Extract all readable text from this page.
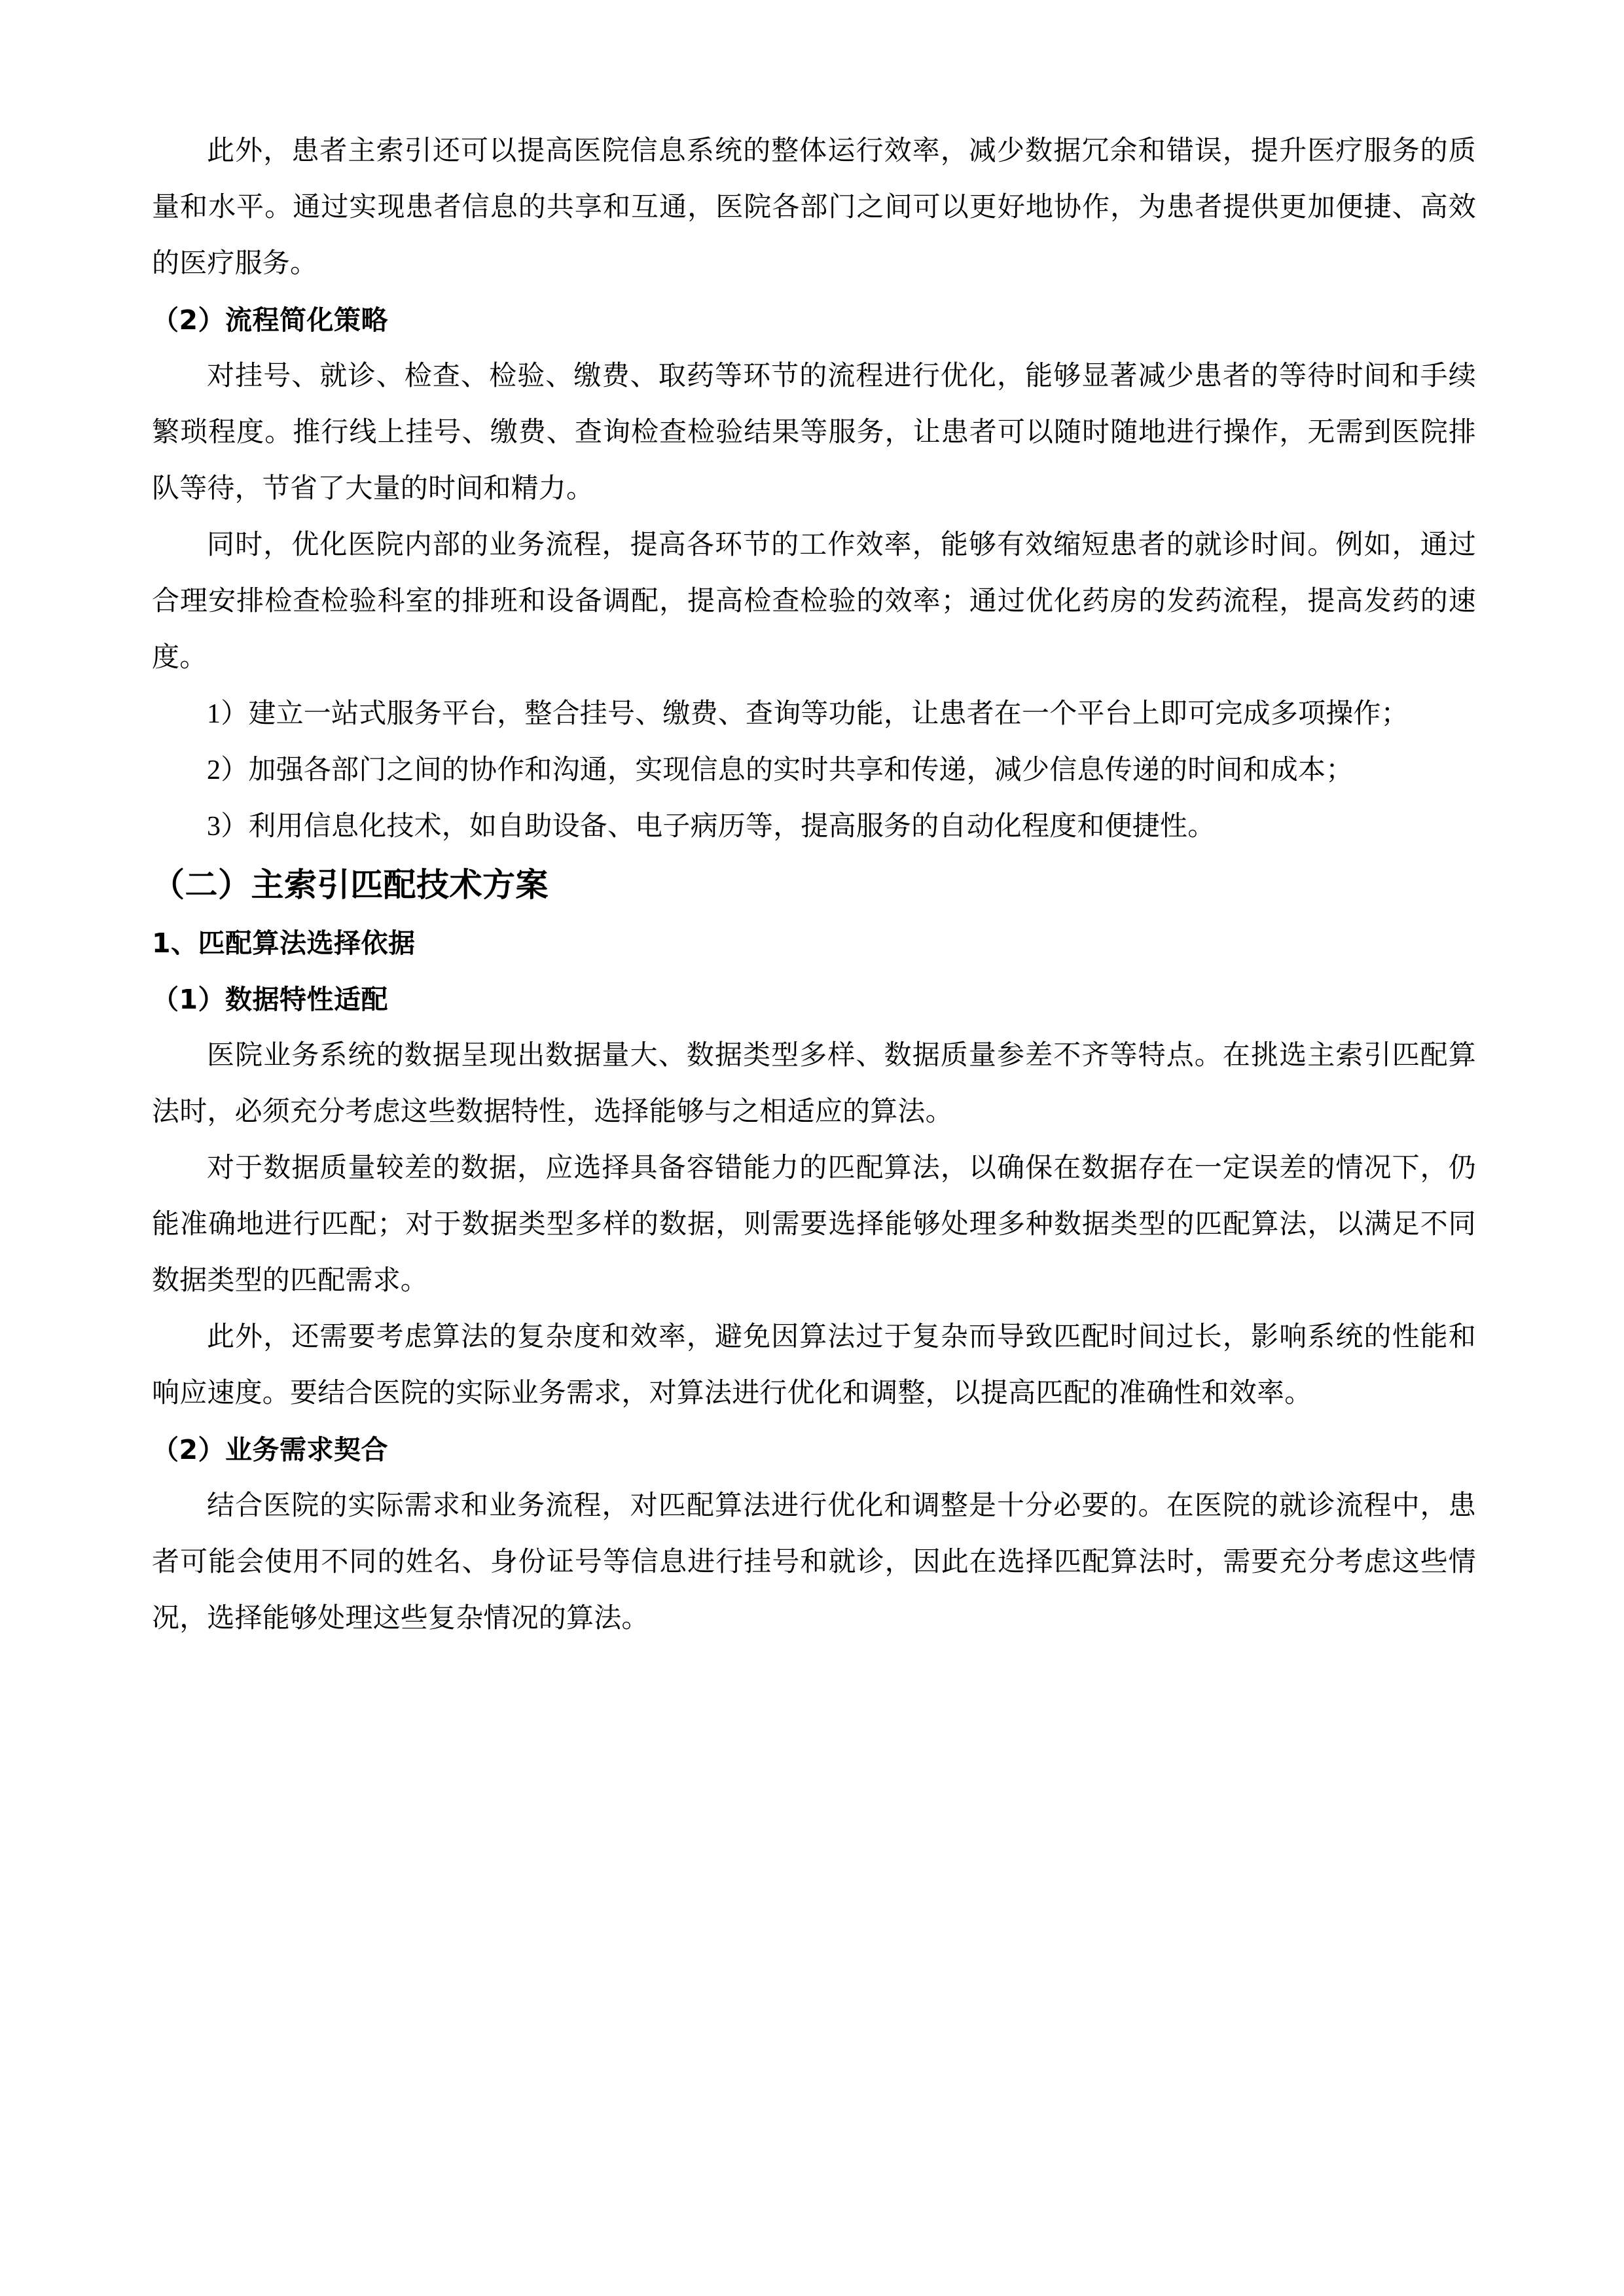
此外，患者主索引还可以提高医院信息系统的整体运行效率，减少数据冗余和错误，提升医疗服务的质量和水平。通过实现患者信息的共享和互通，医院各部门之间可以更好地协作，为患者提供更加便捷、高效的医疗服务。

（2）流程简化策略

对挂号、就诊、检查、检验、缴费、取药等环节的流程进行优化，能够显著减少患者的等待时间和手续繁琐程度。推行线上挂号、缴费、查询检查检验结果等服务，让患者可以随时随地进行操作，无需到医院排队等待，节省了大量的时间和精力。

同时，优化医院内部的业务流程，提高各环节的工作效率，能够有效缩短患者的就诊时间。例如，通过合理安排检查检验科室的排班和设备调配，提高检查检验的效率；通过优化药房的发药流程，提高发药的速度。

1）建立一站式服务平台，整合挂号、缴费、查询等功能，让患者在一个平台上即可完成多项操作；

2）加强各部门之间的协作和沟通，实现信息的实时共享和传递，减少信息传递的时间和成本；

3）利用信息化技术，如自助设备、电子病历等，提高服务的自动化程度和便捷性。

（二）主索引匹配技术方案
1、匹配算法选择依据
（1）数据特性适配

医院业务系统的数据呈现出数据量大、数据类型多样、数据质量参差不齐等特点。在挑选主索引匹配算法时，必须充分考虑这些数据特性，选择能够与之相适应的算法。

对于数据质量较差的数据，应选择具备容错能力的匹配算法，以确保在数据存在一定误差的情况下，仍能准确地进行匹配；对于数据类型多样的数据，则需要选择能够处理多种数据类型的匹配算法，以满足不同数据类型的匹配需求。

此外，还需要考虑算法的复杂度和效率，避免因算法过于复杂而导致匹配时间过长，影响系统的性能和响应速度。要结合医院的实际业务需求，对算法进行优化和调整，以提高匹配的准确性和效率。

（2）业务需求契合

结合医院的实际需求和业务流程，对匹配算法进行优化和调整是十分必要的。在医院的就诊流程中，患者可能会使用不同的姓名、身份证号等信息进行挂号和就诊，因此在选择匹配算法时，需要充分考虑这些情况，选择能够处理这些复杂情况的算法。
